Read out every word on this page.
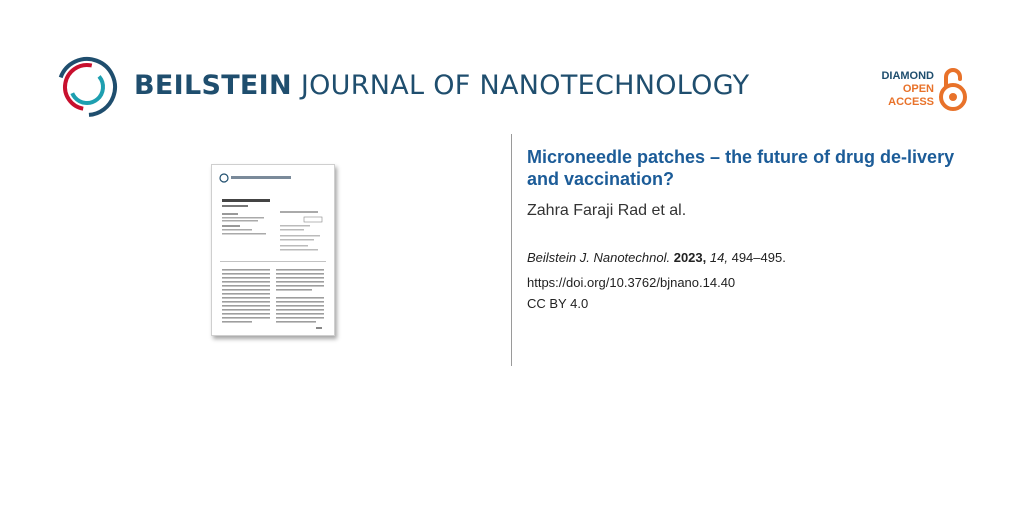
BEILSTEIN JOURNAL OF NANOTECHNOLOGY	DIAMOND
OPEN
ACCESS
Microneedle patches – the future of drug de-livery and vaccination?
Zahra Faraji Rad et al.
Beilstein J. Nanotechnol. 2023, 14, 494–495.
https://doi.org/10.3762/bjnano.14.40
CC BY 4.0
